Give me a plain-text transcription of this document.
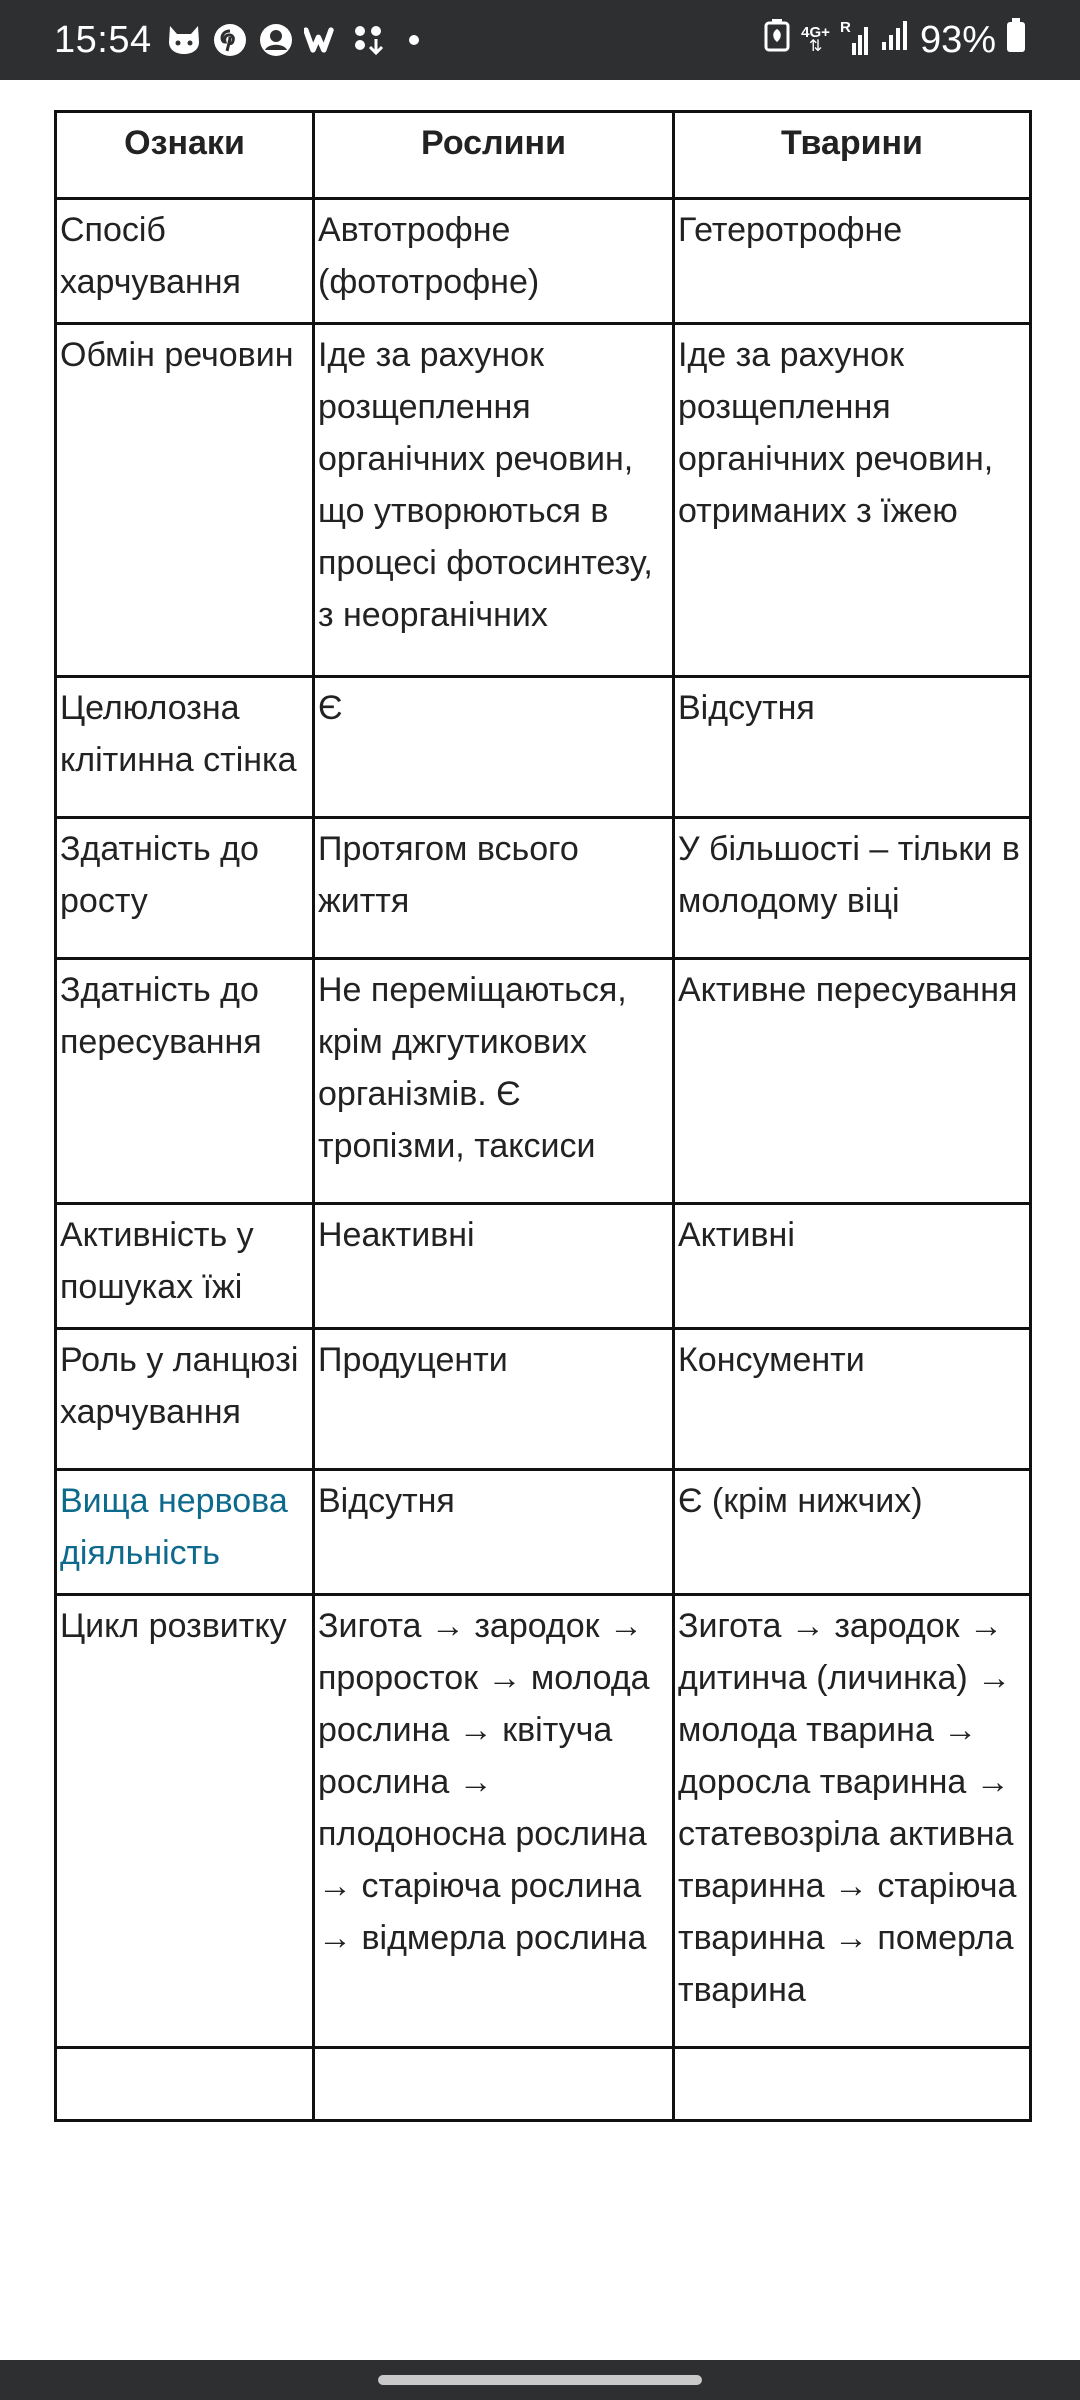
15:54	4G+
⇅
R 93%
Ознаки	Рослини	Тварини
Спосіб харчування	Автотрофне (фототрофне)	Гетеротрофне
Обмін речовин	Іде за рахунок розщеплення органічних речовин, що утворюються в процесі фотосинтезу, з неорганічних	Іде за рахунок розщеплення органічних речовин, отриманих з їжею
Целюлозна клітинна стінка	Є	Відсутня
Здатність до росту	Протягом всього життя	У більшості – тільки в молодому віці
Здатність до пересування	Не переміщаються, крім джгутикових організмів. Є тропізми, таксиси	Активне пересування
Активність у пошуках їжі	Неактивні	Активні
Роль у ланцюзі харчування	Продуценти	Консументи
Вища нервова діяльність	Відсутня	Є (крім нижчих)
Цикл розвитку	Зигота → зародок → проросток → молода рослина → квітуча рослина → плодоносна рослина → старіюча рослина → відмерла рослина	Зигота → зародок → дитинча (личинка) → молода тварина → доросла тваринна → статевозріла активна тваринна → старіюча тваринна → померла тварина
